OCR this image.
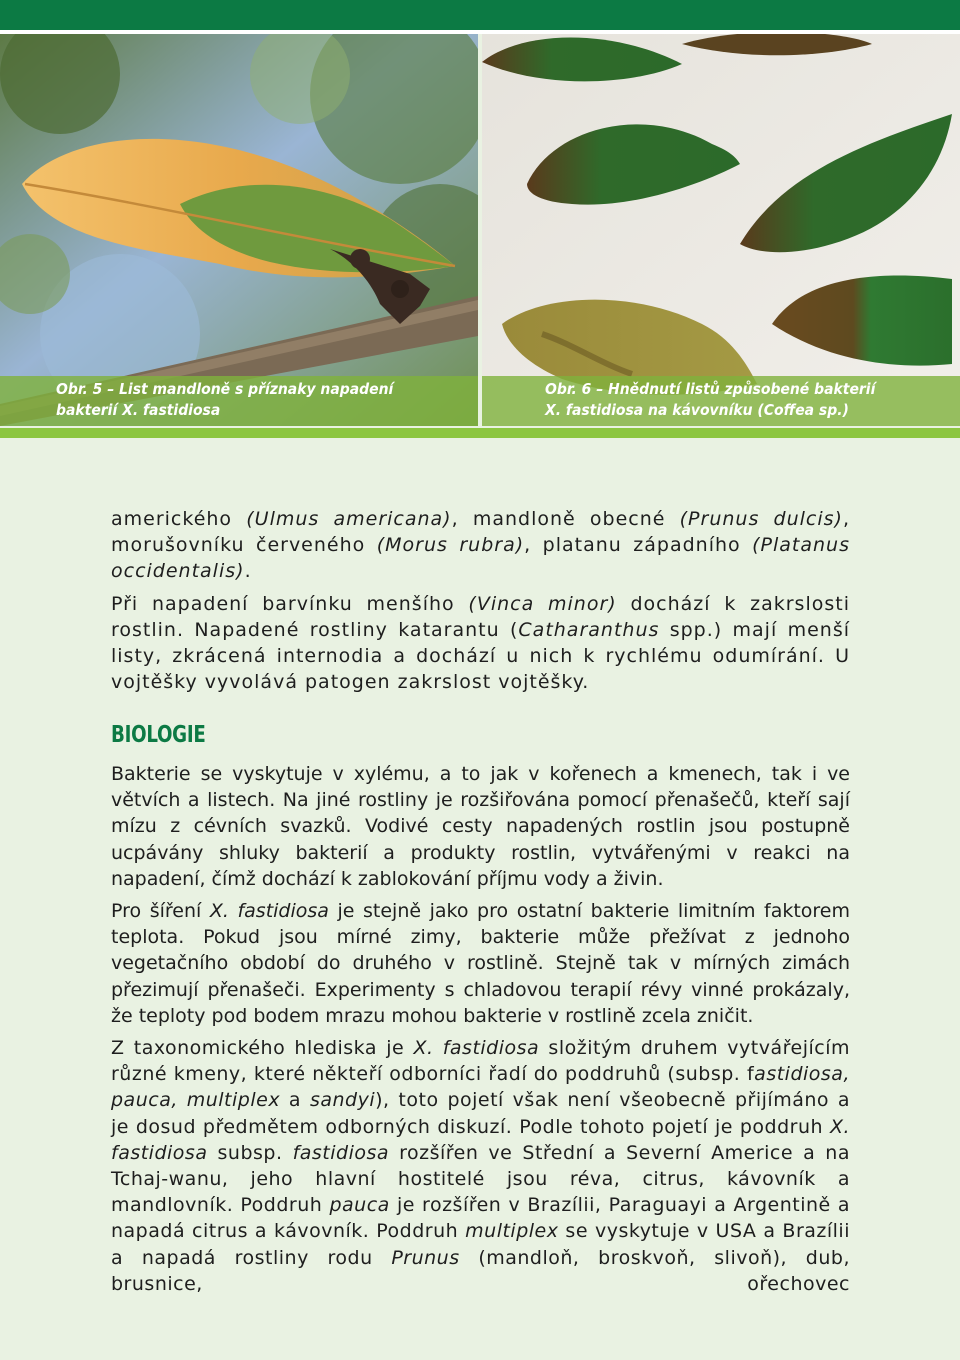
Obr. 5 – List mandloně s příznaky napadení
bakterií X. fastidiosa
Obr. 6 – Hnědnutí listů způsobené bakterií
X. fastidiosa na kávovníku (Coffea sp.)

amerického (Ulmus americana), mandloně obecné (Prunus dulcis), morušovníku červeného (Morus rubra), platanu západního (Platanus occidentalis).

Při napadení barvínku menšího (Vinca minor) dochází k zakrslosti rostlin. Napadené rostliny katarantu (Catharanthus spp.) mají menší listy, zkrácená internodia a dochází u nich k rychlému odumírání. U vojtěšky vyvolává patogen zakrslost vojtěšky.

BIOLOGIE

Bakterie se vyskytuje v xylému, a to jak v kořenech a kmenech, tak i ve větvích a listech. Na jiné rostliny je rozšiřována pomocí přenašečů, kteří sají mízu z cévních svazků. Vodivé cesty napadených rostlin jsou postupně ucpávány shluky bakterií a produkty rostlin, vytvářenými v reakci na napadení, čímž dochází k zablokování příjmu vody a živin.

Pro šíření X. fastidiosa je stejně jako pro ostatní bakterie limitním faktorem teplota. Pokud jsou mírné zimy, bakterie může přežívat z jednoho vegetačního období do druhého v rostlině. Stejně tak v mírných zimách přezimují přenašeči. Experimenty s chladovou terapií révy vinné prokázaly, že teploty pod bodem mrazu mohou bakterie v rostlině zcela zničit.

Z taxonomického hlediska je X. fastidiosa složitým druhem vytvářejícím různé kmeny, které někteří odborníci řadí do poddruhů (subsp. fastidiosa, pauca, multiplex a sandyi), toto pojetí však není všeobecně přijímáno a je dosud předmětem odborných diskuzí. Podle tohoto pojetí je poddruh X. fastidiosa subsp. fastidiosa rozšířen ve Střední a Severní Americe a na Tchaj-wanu, jeho hlavní hostitelé jsou réva, citrus, kávovník a mandlovník. Poddruh pauca je rozšířen v Brazílii, Paraguayi a Argentině a napadá citrus a kávovník. Poddruh multiplex se vyskytuje v USA a Brazílii a napadá rostliny rodu Prunus (mandloň, broskvoň, slivoň), dub, brusnice, ořechovec
